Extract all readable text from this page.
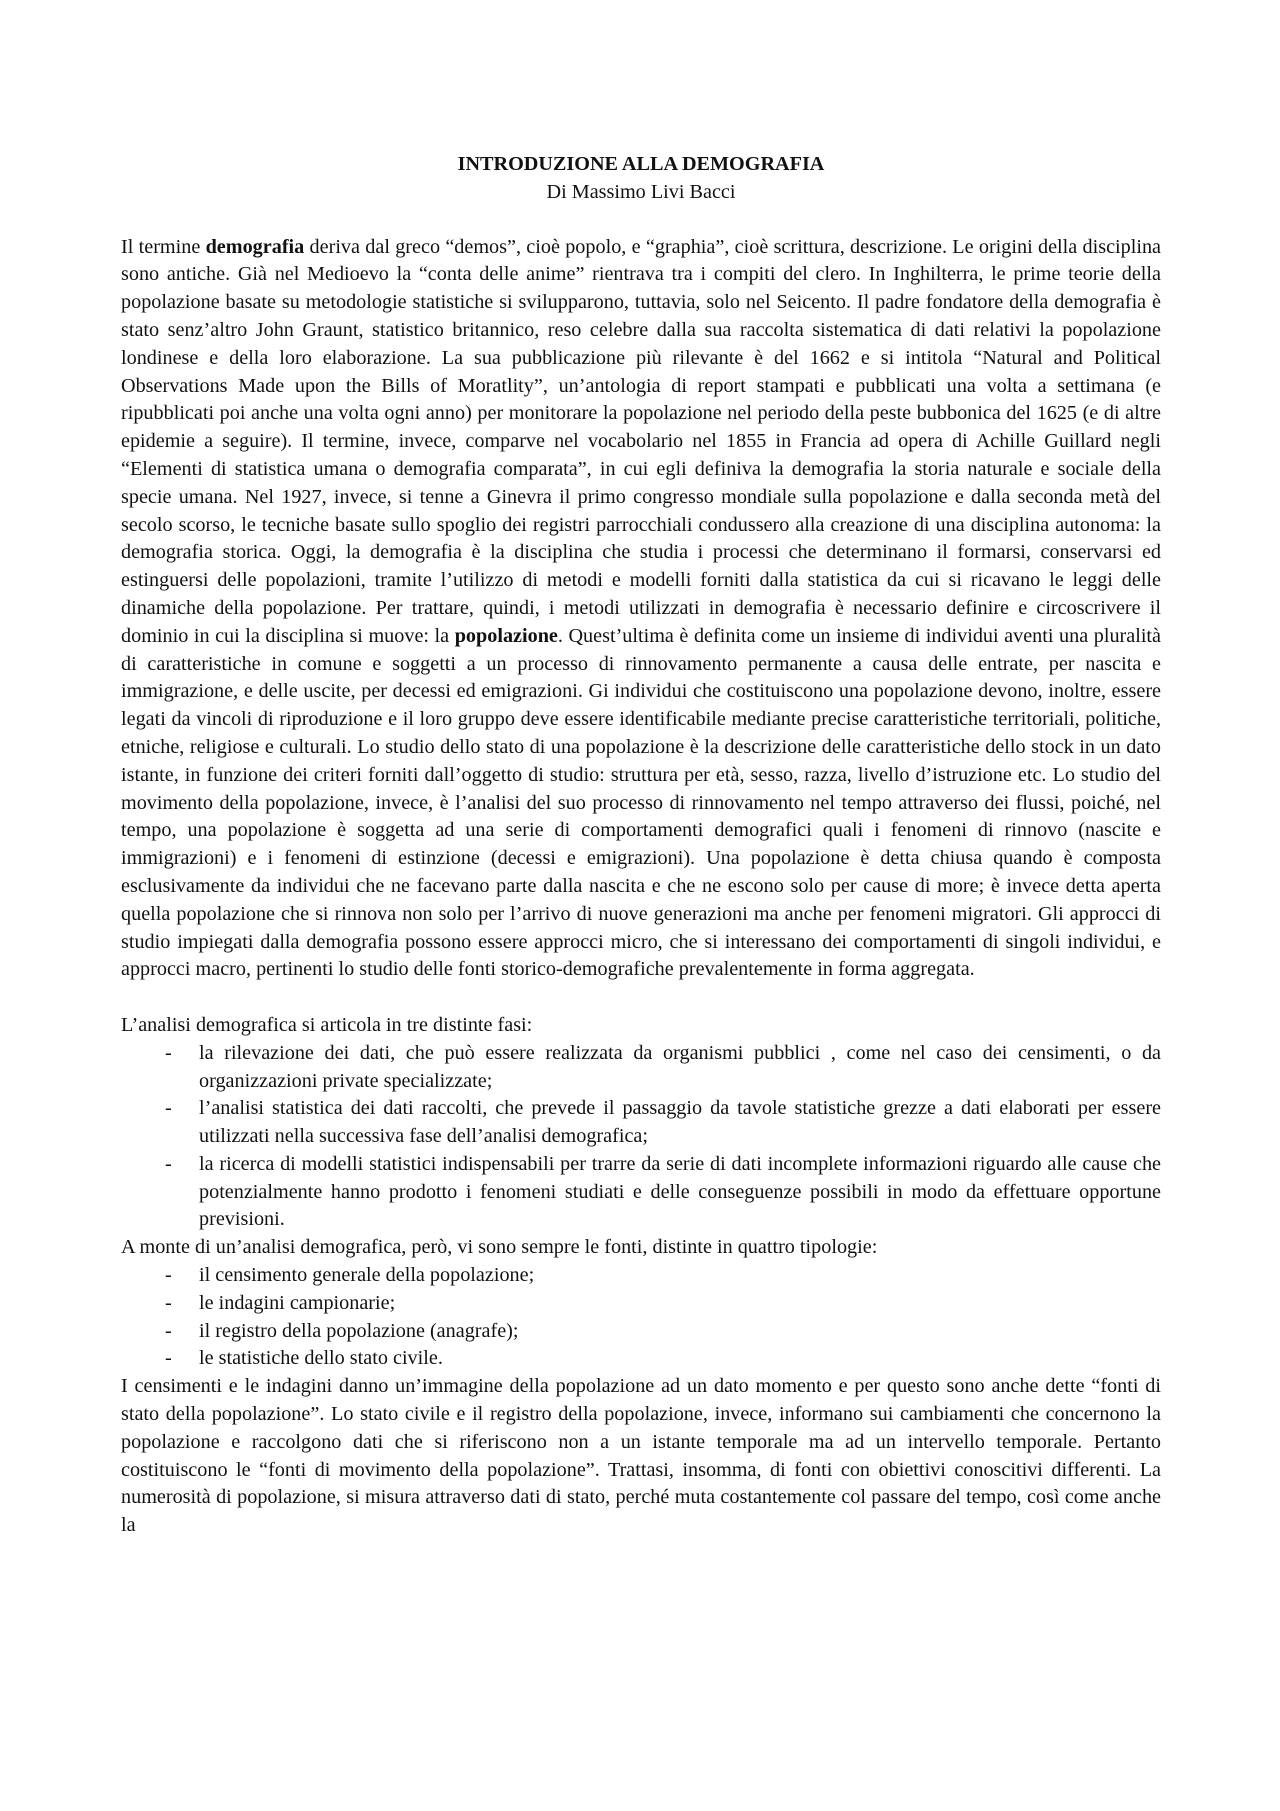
INTRODUZIONE ALLA DEMOGRAFIA

Di Massimo Livi Bacci

Il termine demografia deriva dal greco “demos”, cioè popolo, e “graphia”, cioè scrittura, descrizione. Le origini della disciplina sono antiche. Già nel Medioevo la “conta delle anime” rientrava tra i compiti del clero. In Inghilterra, le prime teorie della popolazione basate su metodologie statistiche si svilupparono, tuttavia, solo nel Seicento. Il padre fondatore della demografia è stato senz’altro John Graunt, statistico britannico, reso celebre dalla sua raccolta sistematica di dati relativi la popolazione londinese e della loro elaborazione. La sua pubblicazione più rilevante è del 1662 e si intitola “Natural and Political Observations Made upon the Bills of Moratlity”, un’antologia di report stampati e pubblicati una volta a settimana (e ripubblicati poi anche una volta ogni anno) per monitorare la popolazione nel periodo della peste bubbonica del 1625 (e di altre epidemie a seguire). Il termine, invece, comparve nel vocabolario nel 1855 in Francia ad opera di Achille Guillard negli “Elementi di statistica umana o demografia comparata”, in cui egli definiva la demografia la storia naturale e sociale della specie umana. Nel 1927, invece, si tenne a Ginevra il primo congresso mondiale sulla popolazione e dalla seconda metà del secolo scorso, le tecniche basate sullo spoglio dei registri parrocchiali condussero alla creazione di una disciplina autonoma: la demografia storica. Oggi, la demografia è la disciplina che studia i processi che determinano il formarsi, conservarsi ed estinguersi delle popolazioni, tramite l’utilizzo di metodi e modelli forniti dalla statistica da cui si ricavano le leggi delle dinamiche della popolazione. Per trattare, quindi, i metodi utilizzati in demografia è necessario definire e circoscrivere il dominio in cui la disciplina si muove: la popolazione. Quest’ultima è definita come un insieme di individui aventi una pluralità di caratteristiche in comune e soggetti a un processo di rinnovamento permanente a causa delle entrate, per nascita e immigrazione, e delle uscite, per decessi ed emigrazioni. Gi individui che costituiscono una popolazione devono, inoltre, essere legati da vincoli di riproduzione e il loro gruppo deve essere identificabile mediante precise caratteristiche territoriali, politiche, etniche, religiose e culturali. Lo studio dello stato di una popolazione è la descrizione delle caratteristiche dello stock in un dato istante, in funzione dei criteri forniti dall’oggetto di studio: struttura per età, sesso, razza, livello d’istruzione etc. Lo studio del movimento della popolazione, invece, è l’analisi del suo processo di rinnovamento nel tempo attraverso dei flussi, poiché, nel tempo, una popolazione è soggetta ad una serie di comportamenti demografici quali i fenomeni di rinnovo (nascite e immigrazioni) e i fenomeni di estinzione (decessi e emigrazioni). Una popolazione è detta chiusa quando è composta esclusivamente da individui che ne facevano parte dalla nascita e che ne escono solo per cause di more; è invece detta aperta quella popolazione che si rinnova non solo per l’arrivo di nuove generazioni ma anche per fenomeni migratori. Gli approcci di studio impiegati dalla demografia possono essere approcci micro, che si interessano dei comportamenti di singoli individui, e approcci macro, pertinenti lo studio delle fonti storico-demografiche prevalentemente in forma aggregata.

L’analisi demografica si articola in tre distinte fasi:

- la rilevazione dei dati, che può essere realizzata da organismi pubblici , come nel caso dei censimenti, o da organizzazioni private specializzate;
- l’analisi statistica dei dati raccolti, che prevede il passaggio da tavole statistiche grezze a dati elaborati per essere utilizzati nella successiva fase dell’analisi demografica;
- la ricerca di modelli statistici indispensabili per trarre da serie di dati incomplete informazioni riguardo alle cause che potenzialmente hanno prodotto i fenomeni studiati e delle conseguenze possibili in modo da effettuare opportune previsioni.

A monte di un’analisi demografica, però, vi sono sempre le fonti, distinte in quattro tipologie:

- il censimento generale della popolazione;
- le indagini campionarie;
- il registro della popolazione (anagrafe);
- le statistiche dello stato civile.

I censimenti e le indagini danno un’immagine della popolazione ad un dato momento e per questo sono anche dette “fonti di stato della popolazione”. Lo stato civile e il registro della popolazione, invece, informano sui cambiamenti che concernono la popolazione e raccolgono dati che si riferiscono non a un istante temporale ma ad un intervello temporale. Pertanto costituiscono le “fonti di movimento della popolazione”. Trattasi, insomma, di fonti con obiettivi conoscitivi differenti. La numerosità di popolazione, si misura attraverso dati di stato, perché muta costantemente col passare del tempo, così come anche la
